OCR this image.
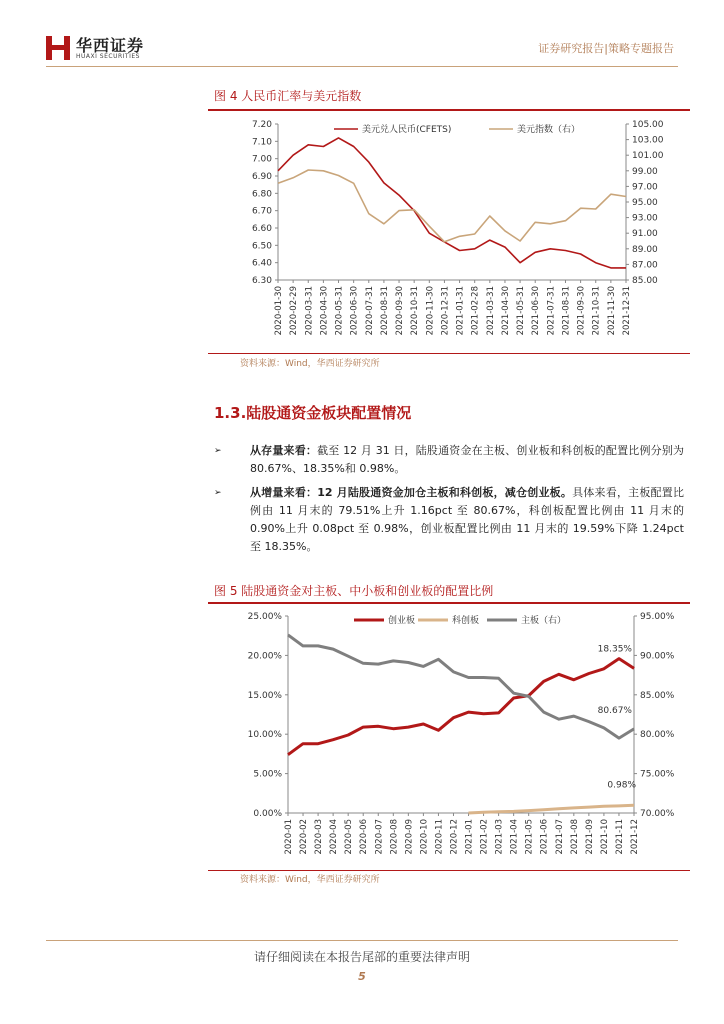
华西证券
HUAXI SECURITIES
证券研究报告|策略专题报告
图 4 人民币汇率与美元指数
7.20
7.10
7.00
6.90
6.80
6.70
6.60
6.50
6.40
6.30
105.00
103.00
101.00
99.00
97.00
95.00
93.00
91.00
89.00
87.00
85.00
2020-01-30 2020-02-29 2020-03-31 2020-04-30 2020-05-31 2020-06-30 2020-07-31 2020-08-31 2020-09-30 2020-10-31 2020-11-30 2020-12-31 2021-01-31 2021-02-28 2021-03-31 2021-04-30 2021-05-31 2021-06-30 2021-07-31 2021-08-31 2021-09-30 2021-10-31 2021-11-30 2021-12-31
美元兑人民币(CFETS)	美元指数（右）
资料来源：Wind，华西证券研究所
1.3.陆股通资金板块配置情况
➢	从存量来看：截至 12 月 31 日，陆股通资金在主板、创业板和科创板的配置比例分别为 80.67%、18.35%和 0.98%。
➢	从增量来看：12 月陆股通资金加仓主板和科创板，减仓创业板。具体来看，主板配置比例由 11 月末的 79.51%上升 1.16pct 至 80.67%，科创板配置比例由 11 月末的 0.90%上升 0.08pct 至 0.98%，创业板配置比例由 11 月末的 19.59%下降 1.24pct 至 18.35%。
图 5 陆股通资金对主板、中小板和创业板的配置比例
25.00%
20.00%
15.00%
10.00%
5.00%
0.00%
95.00%
90.00%
85.00%
80.00%
75.00%
70.00%
2020-01 2020-02 2020-03 2020-04 2020-05 2020-06 2020-07 2020-08 2020-09 2020-10 2020-11 2020-12 2021-01 2021-02 2021-03 2021-04 2021-05 2021-06 2021-07 2021-08 2021-09 2021-10 2021-11 2021-12
创业板	科创板	主板（右）
18.35%
80.67%
0.98%
资料来源：Wind，华西证券研究所
请仔细阅读在本报告尾部的重要法律声明
5
